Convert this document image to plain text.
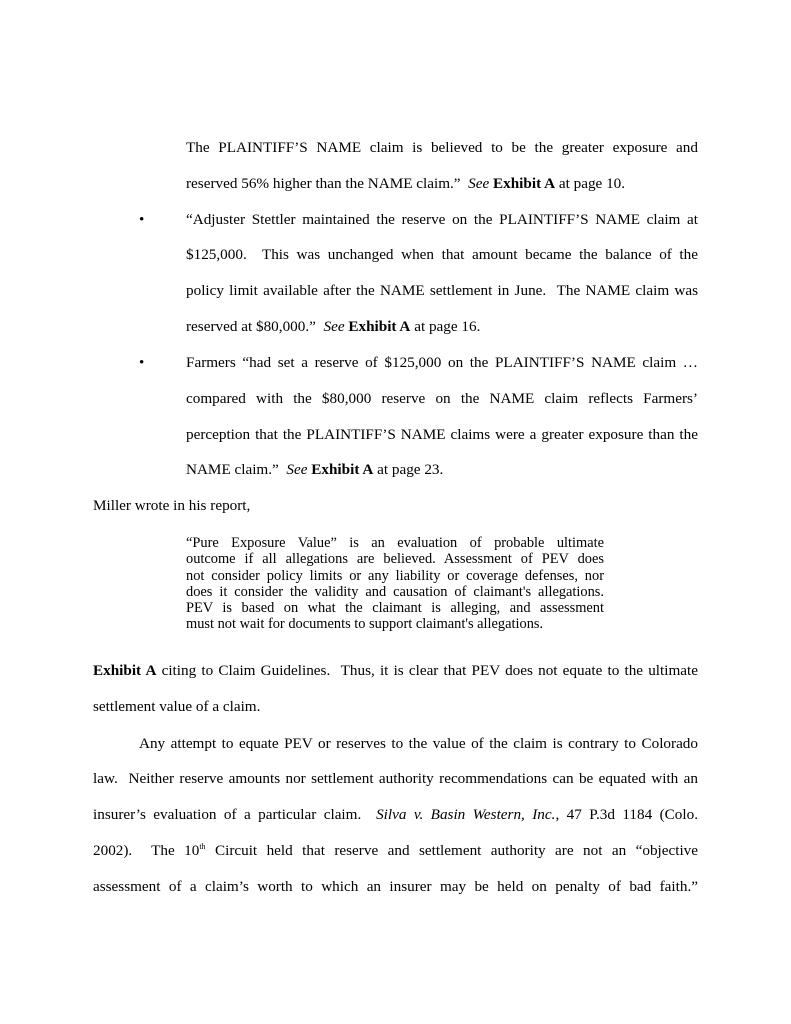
The PLAINTIFF’S NAME claim is believed to be the greater exposure and
reserved 56% higher than the NAME claim.”  See Exhibit A at page 10.
•	“Adjuster Stettler maintained the reserve on the PLAINTIFF’S NAME claim at
$125,000.  This was unchanged when that amount became the balance of the
policy limit available after the NAME settlement in June.  The NAME claim was
reserved at $80,000.”  See Exhibit A at page 16.
•	Farmers “had set a reserve of $125,000 on the PLAINTIFF’S NAME claim …
compared with the $80,000 reserve on the NAME claim reflects Farmers’
perception that the PLAINTIFF’S NAME claims were a greater exposure than the
NAME claim.”  See Exhibit A at page 23.
Miller wrote in his report,
“Pure Exposure Value” is an evaluation of probable ultimate
outcome if all allegations are believed. Assessment of PEV does
not consider policy limits or any liability or coverage defenses, nor
does it consider the validity and causation of claimant's allegations.
PEV is based on what the claimant is alleging, and assessment
must not wait for documents to support claimant's allegations.
Exhibit A citing to Claim Guidelines.  Thus, it is clear that PEV does not equate to the ultimate
settlement value of a claim.
Any attempt to equate PEV or reserves to the value of the claim is contrary to Colorado
law.  Neither reserve amounts nor settlement authority recommendations can be equated with an
insurer’s evaluation of a particular claim.  Silva v. Basin Western, Inc., 47 P.3d 1184 (Colo.
2002).  The 10th Circuit held that reserve and settlement authority are not an “objective
assessment of a claim’s worth to which an insurer may be held on penalty of bad faith.”
